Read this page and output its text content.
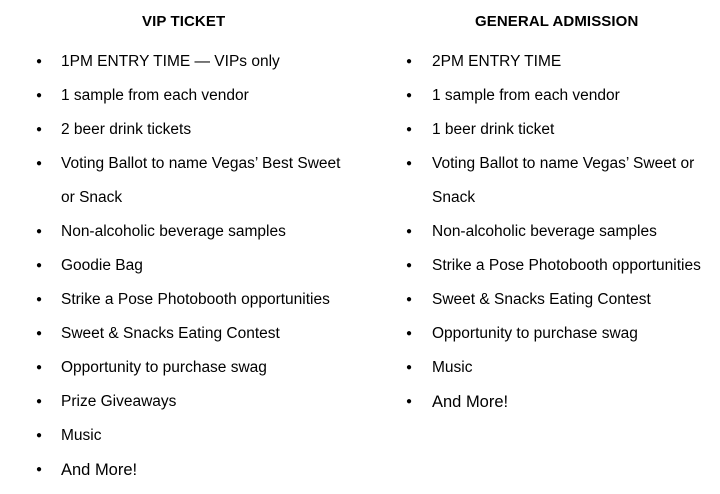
VIP TICKET
●	1PM ENTRY TIME — VIPs only
●	1 sample from each vendor
●	2 beer drink tickets
●	Voting Ballot to name Vegas’ Best Sweet
or Snack
●	Non-alcoholic beverage samples
●	Goodie Bag
●	Strike a Pose Photobooth opportunities
●	Sweet & Snacks Eating Contest
●	Opportunity to purchase swag
●	Prize Giveaways
●	Music
●	And More!
GENERAL ADMISSION
●	2PM ENTRY TIME
●	1 sample from each vendor
●	1 beer drink ticket
●	Voting Ballot to name Vegas’ Sweet or
Snack
●	Non-alcoholic beverage samples
●	Strike a Pose Photobooth opportunities
●	Sweet & Snacks Eating Contest
●	Opportunity to purchase swag
●	Music
●	And More!
